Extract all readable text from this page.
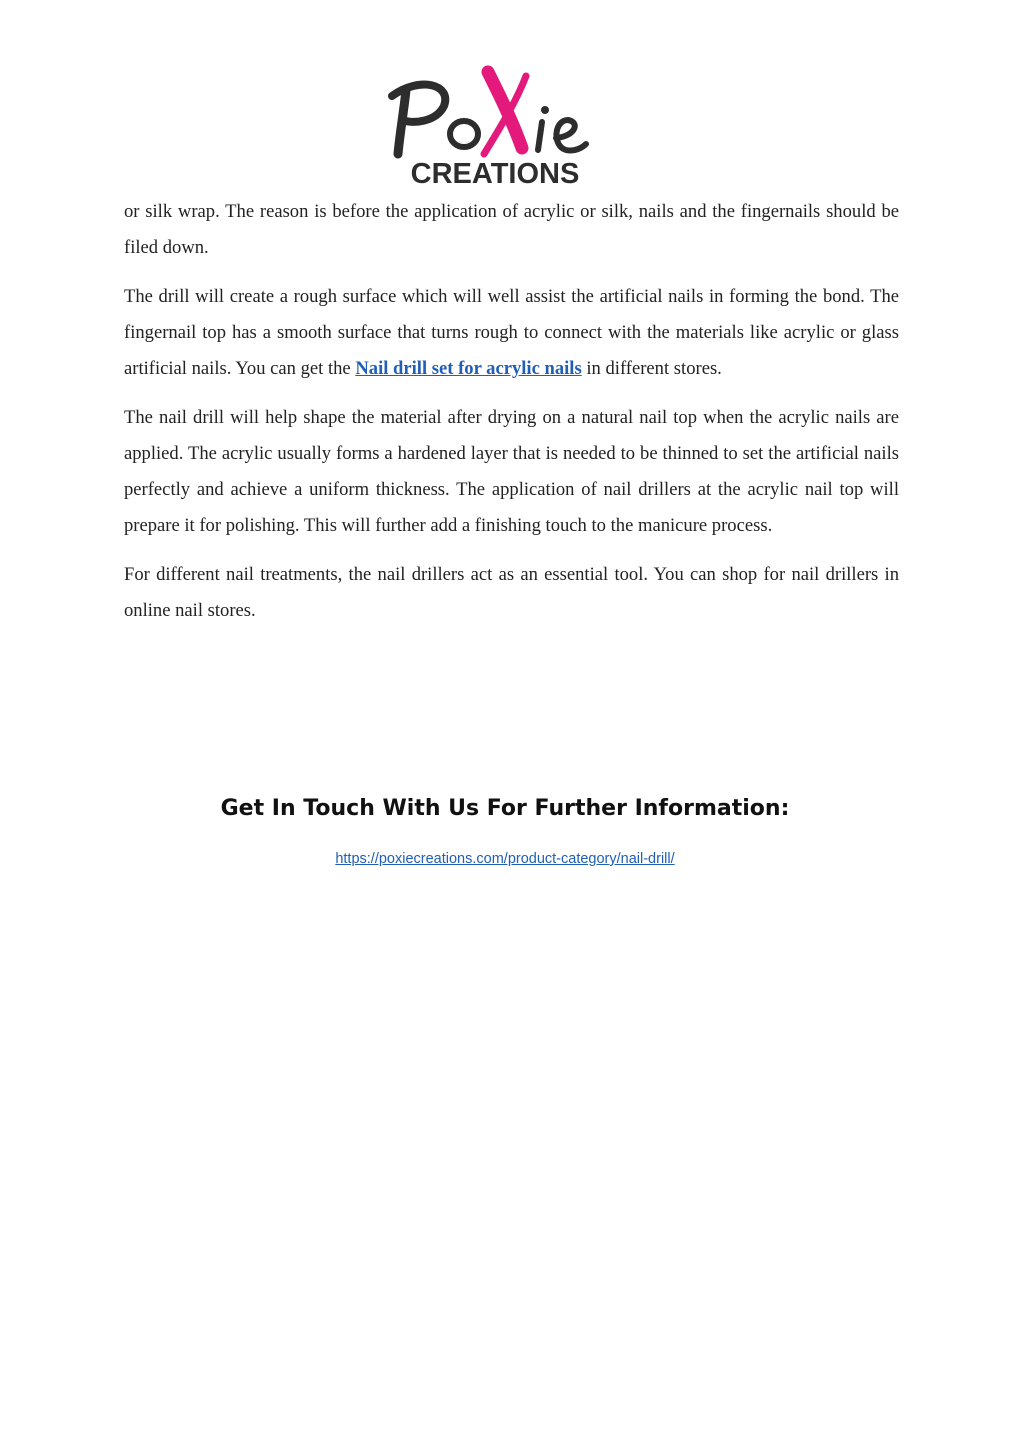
CREATIONS

or silk wrap. The reason is before the application of acrylic or silk, nails and the fingernails should be filed down.

The drill will create a rough surface which will well assist the artificial nails in forming the bond. The fingernail top has a smooth surface that turns rough to connect with the materials like acrylic or glass artificial nails. You can get the Nail drill set for acrylic nails in different stores.

The nail drill will help shape the material after drying on a natural nail top when the acrylic nails are applied. The acrylic usually forms a hardened layer that is needed to be thinned to set the artificial nails perfectly and achieve a uniform thickness. The application of nail drillers at the acrylic nail top will prepare it for polishing. This will further add a finishing touch to the manicure process.

For different nail treatments, the nail drillers act as an essential tool. You can shop for nail drillers in online nail stores.

Get In Touch With Us For Further Information:
https://poxiecreations.com/product-category/nail-drill/
